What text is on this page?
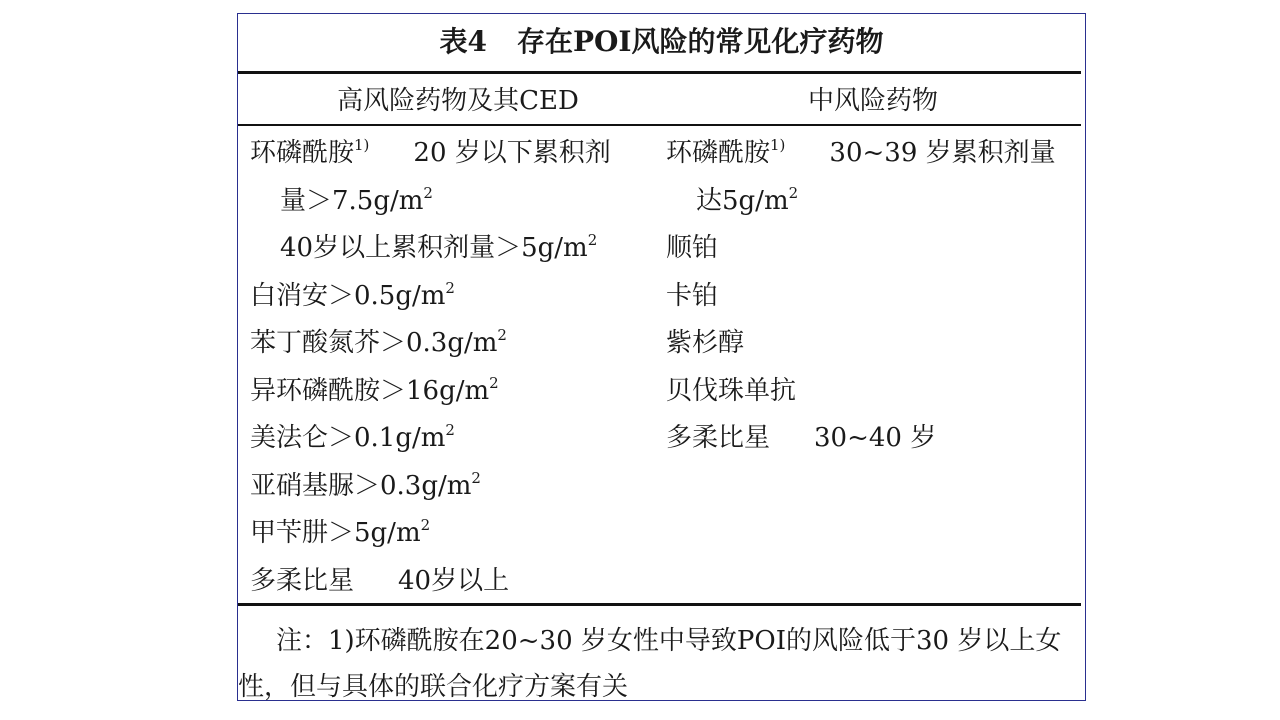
表4 存在POI风险的常见化疗药物
高风险药物及其CED	中风险药物
环磷酰胺$^{1)}$ 20 岁以下累积剂
量$>7.5g/m^2$
40岁以上累积剂量$>5g/m^2$
白消安$>0.5g/m^2$
苯丁酸氮芥$>0.3g/m^2$
异环磷酰胺$>16g/m^2$
美法仑$>0.1g/m^2$
亚硝基脲$>0.3g/m^2$
甲苄肼$>5g/m^2$
多柔比星 40岁以上
环磷酰胺$^{1)}$ 30~39 岁累积剂量
达$5g/m^2$
顺铂
卡铂
紫杉醇
贝伐珠单抗
多柔比星 30~40 岁
注：1)环磷酰胺在20~30 岁女性中导致POI的风险低于30 岁以上女性，但与具体的联合化疗方案有关
